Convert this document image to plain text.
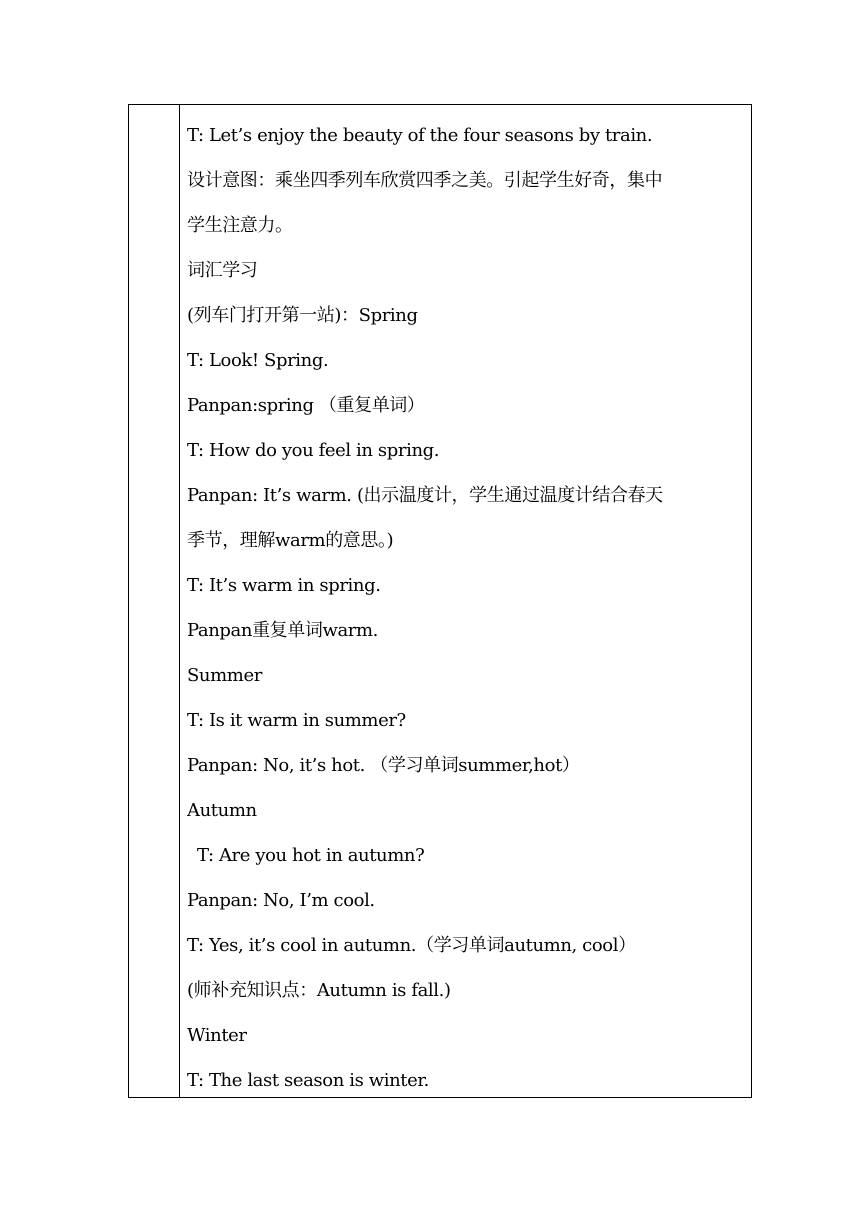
T: Let’s enjoy the beauty of the four seasons by train.
设计意图：乘坐四季列车欣赏四季之美。引起学生好奇，集中
学生注意力。
词汇学习
(列车门打开第一站)：Spring
T: Look! Spring.
Panpan:spring （重复单词）
T: How do you feel in spring.
Panpan: It’s warm. (出示温度计，学生通过温度计结合春天
季节，理解warm的意思。)
T: It’s warm in spring.
Panpan重复单词warm.
Summer
T: Is it warm in summer?
Panpan: No, it’s hot. （学习单词summer,hot）
Autumn
T: Are you hot in autumn?
Panpan: No, I’m cool.
T: Yes, it’s cool in autumn.（学习单词autumn, cool）
(师补充知识点：Autumn is fall.)
Winter
T: The last season is winter.
